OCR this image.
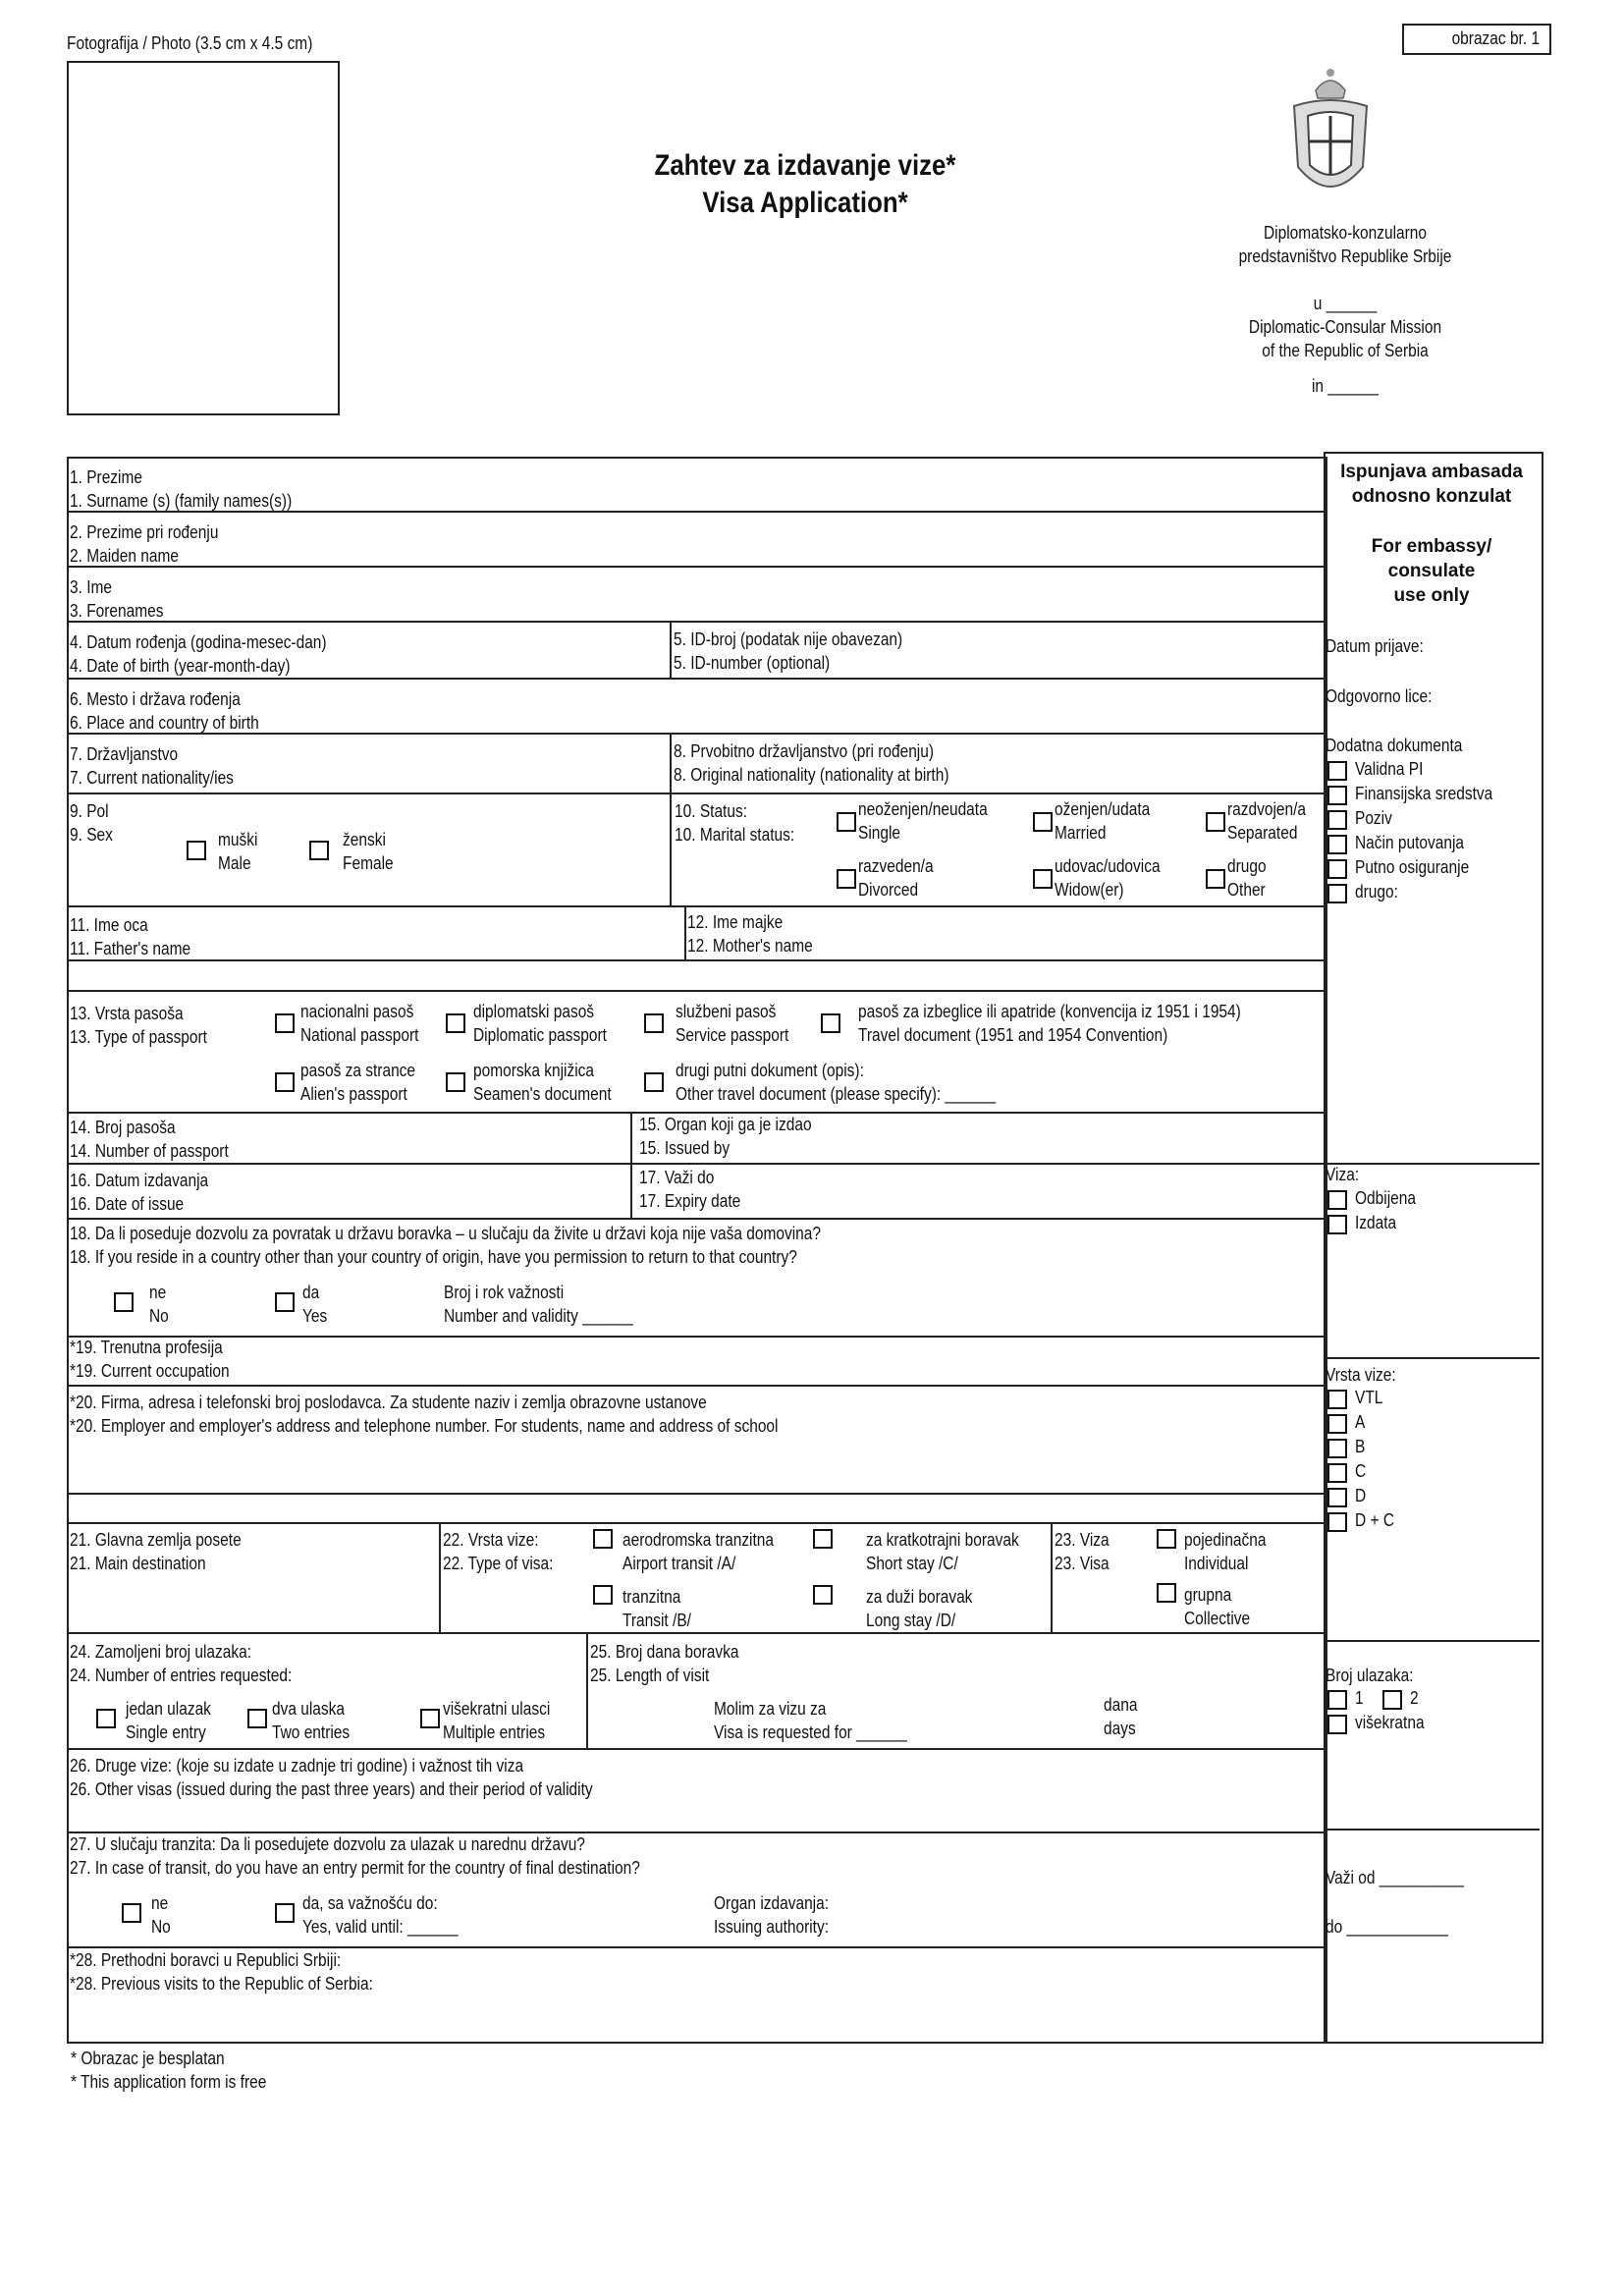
Fotografija / Photo (3.5 cm x 4.5 cm)	obrazac br. 1
Zahtev za izdavanje vize*
Visa Application*
Diplomatsko-konzularno
predstavništvo Republike Srbije
u ______
Diplomatic-Consular Mission
of the Republic of Serbia
in ______
1. Prezime
1. Surname (s) (family names(s))
2. Prezime pri rođenju
2. Maiden name
3. Ime
3. Forenames
4. Datum rođenja (godina-mesec-dan)
4. Date of birth (year-month-day)
5. ID-broj (podatak nije obavezan)
5. ID-number (optional)
6. Mesto i država rođenja
6. Place and country of birth
7. Državljanstvo
7. Current nationality/ies
8. Prvobitno državljanstvo (pri rođenju)
8. Original nationality (nationality at birth)
9. Pol
9. Sex	muški
Male
ženski
Female
10. Status:
10. Marital status:
neoženjen/neudata
Single
oženjen/udata
Married
razdvojen/a
Separated
razveden/a
Divorced
udovac/udovica
Widow(er)
drugo
Other
11. Ime oca
11. Father's name
12. Ime majke
12. Mother's name
13. Vrsta pasoša
13. Type of passport
nacionalni pasoš
National passport
diplomatski pasoš
Diplomatic passport
službeni pasoš
Service passport
pasoš za izbeglice ili apatride (konvencija iz 1951 i 1954)
Travel document (1951 and 1954 Convention)
pasoš za strance
Alien's passport
pomorska knjižica
Seamen's document
drugi putni dokument (opis):
Other travel document (please specify): ______
14. Broj pasoša
14. Number of passport
15. Organ koji ga je izdao
15. Issued by
16. Datum izdavanja
16. Date of issue
17. Važi do
17. Expiry date
18. Da li poseduje dozvolu za povratak u državu boravka – u slučaju da živite u državi koja nije vaša domovina?
18. If you reside in a country other than your country of origin, have you permission to return to that country?
ne
No
da
Yes
Broj i rok važnosti
Number and validity ______
*19. Trenutna profesija
*19. Current occupation
*20. Firma, adresa i telefonski broj poslodavca. Za studente naziv i zemlja obrazovne ustanove
*20. Employer and employer's address and telephone number. For students, name and address of school
21. Glavna zemlja posete
21. Main destination
22. Vrsta vize:
22. Type of visa:
aerodromska tranzitna
Airport transit /A/
za kratkotrajni boravak
Short stay /C/
tranzitna
Transit /B/
za duži boravak
Long stay /D/
23. Viza
23. Visa
pojedinačna
Individual
grupna
Collective
24. Zamoljeni broj ulazaka:
24. Number of entries requested:
jedan ulazak
Single entry
dva ulaska
Two entries
višekratni ulasci
Multiple entries
25. Broj dana boravka
25. Length of visit
Molim za vizu za
Visa is requested for ______
dana
days
26. Druge vize: (koje su izdate u zadnje tri godine) i važnost tih viza
26. Other visas (issued during the past three years) and their period of validity
27. U slučaju tranzita: Da li posedujete dozvolu za ulazak u narednu državu?
27. In case of transit, do you have an entry permit for the country of final destination?
ne
No
da, sa važnošću do:
Yes, valid until: ______
Organ izdavanja:
Issuing authority:
*28. Prethodni boravci u Republici Srbiji:
*28. Previous visits to the Republic of Serbia:
Ispunjava ambasada
odnosno konzulat
For embassy/ consulate
use only
Datum prijave:
Odgovorno lice:
Dodatna dokumenta
Validna PI
Finansijska sredstva
Poziv
Način putovanja
Putno osiguranje
drugo:
Viza:
Odbijena
Izdata
Vrsta vize:
VTL
A
B
C
D
D + C
Broj ulazaka:
1	2
višekratna
Važi od __________
do ____________
* Obrazac je besplatan
* This application form is free
